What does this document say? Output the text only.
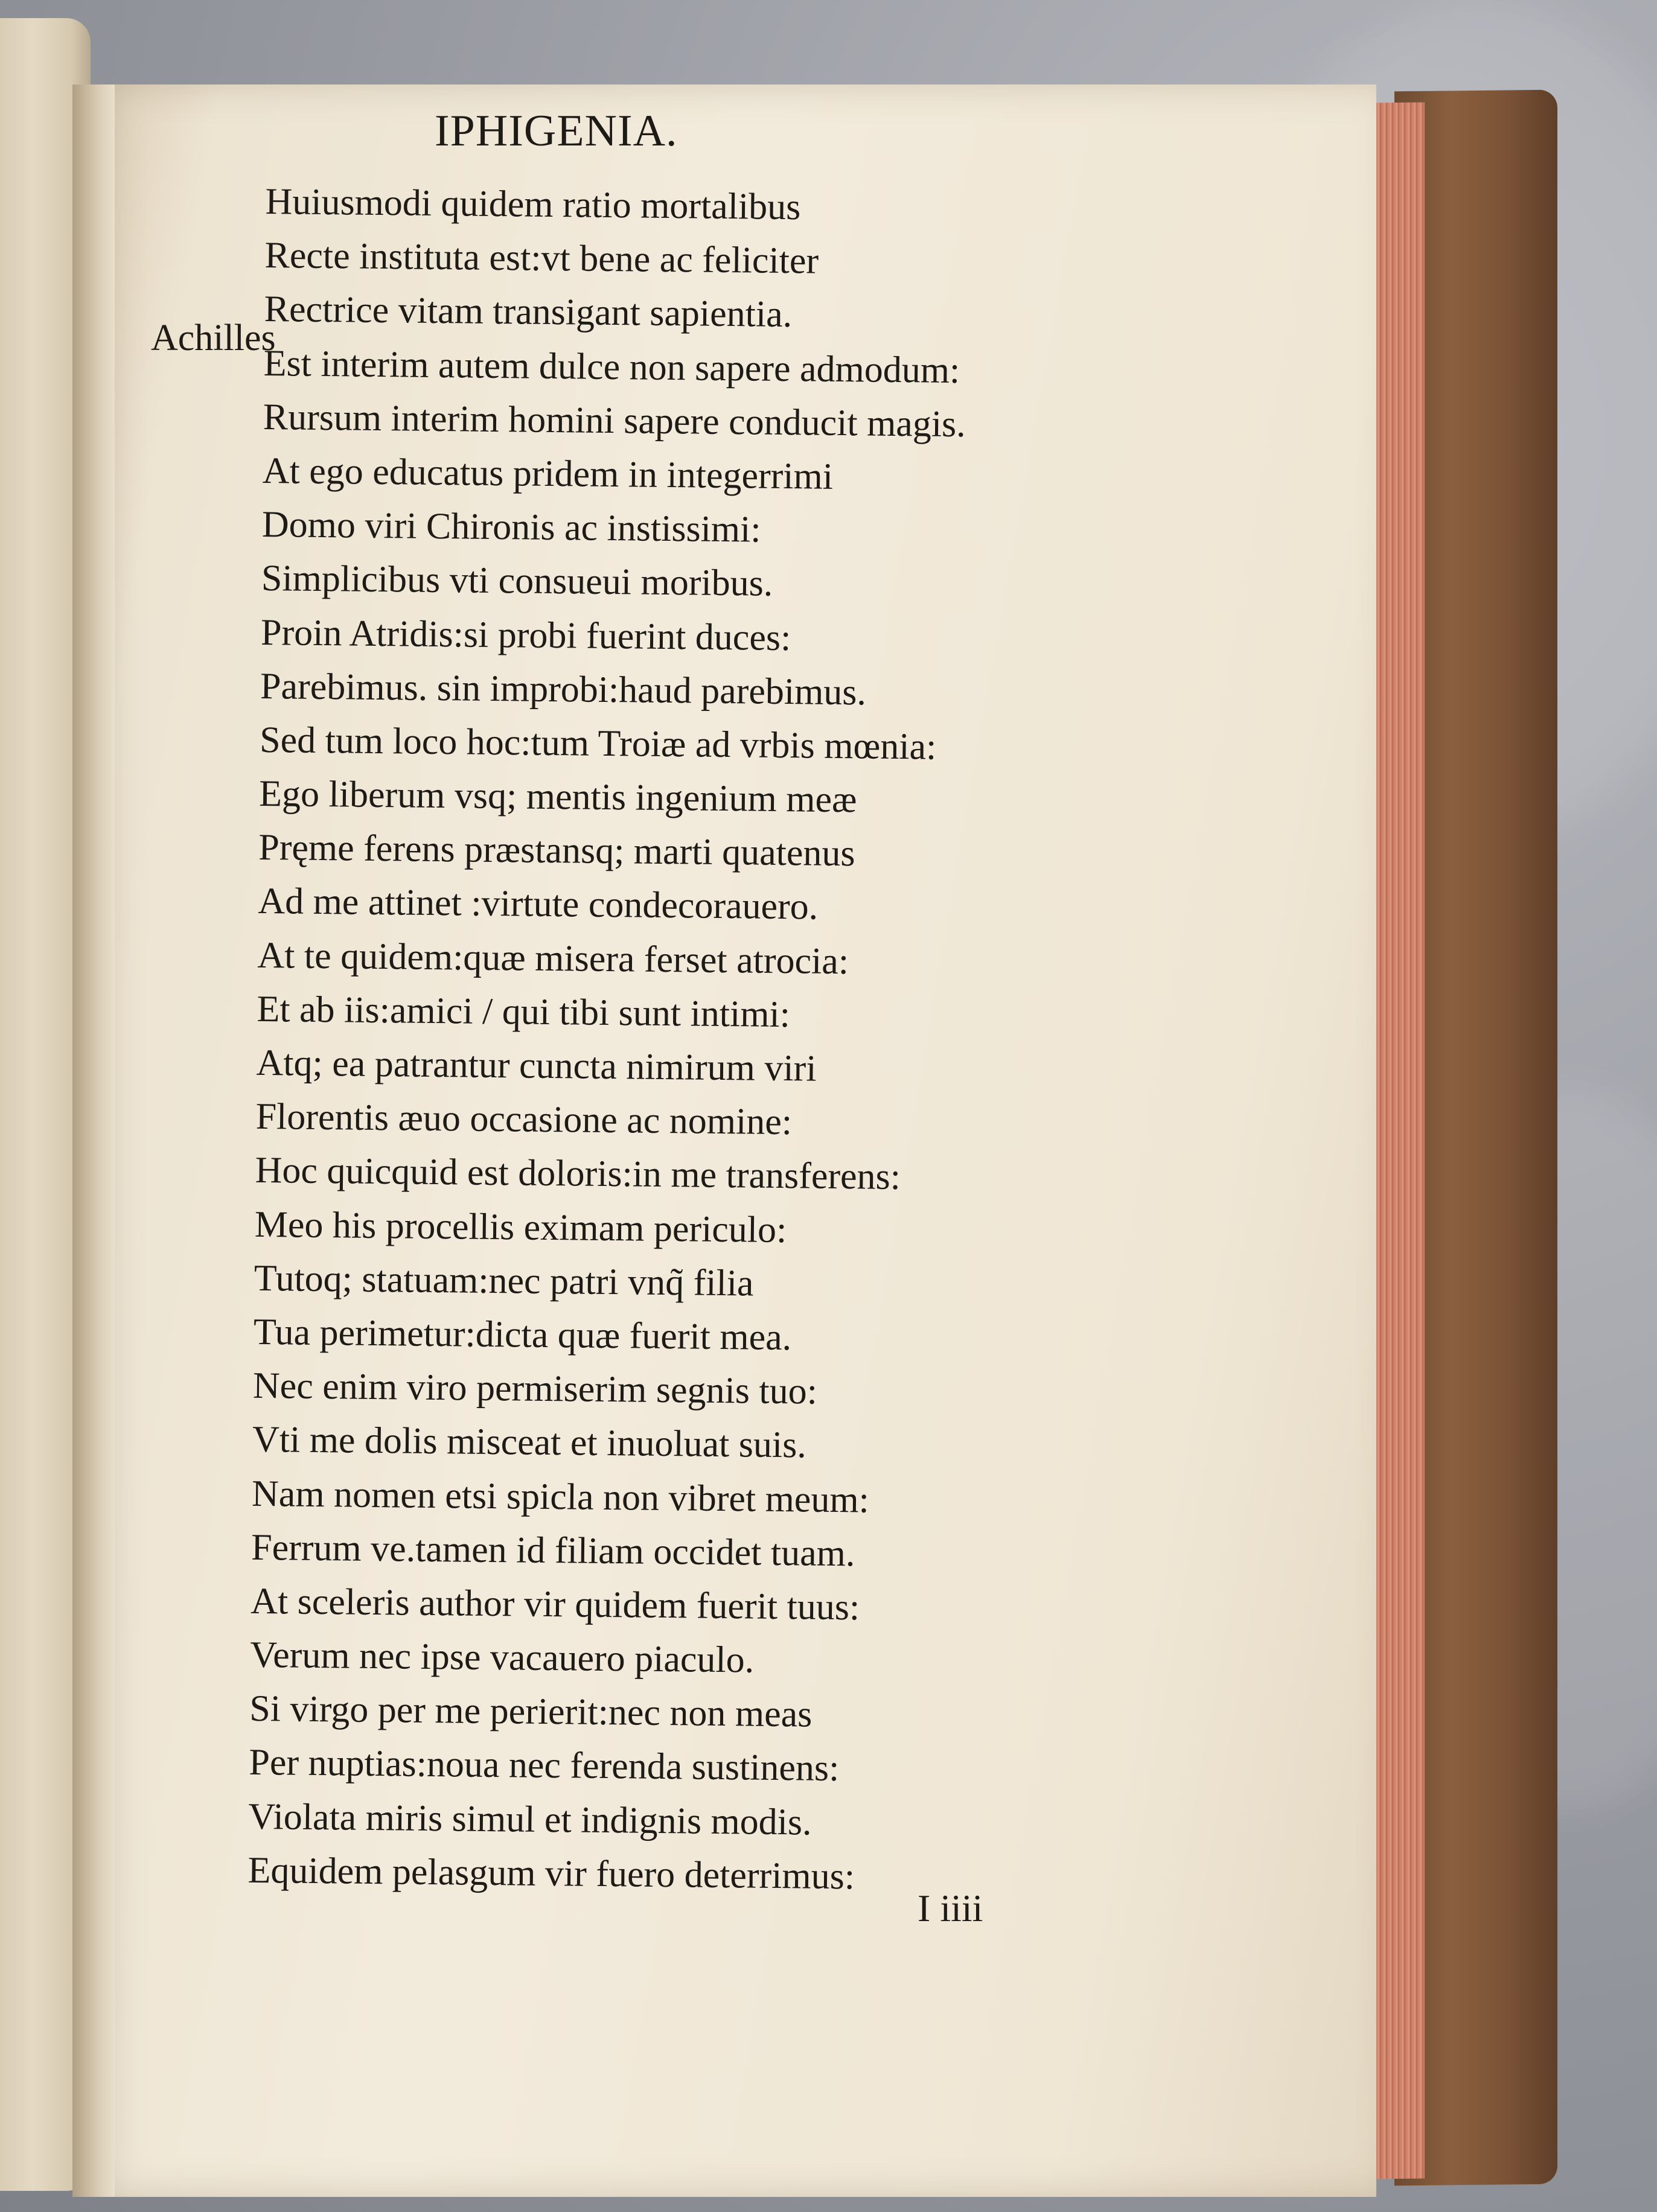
IPHIGENIA.
Achilles
Huiusmodi quidem ratio mortalibus
Recte instituta est:vt bene ac feliciter
Rectrice vitam transigant sapientia.
Est interim autem dulce non sapere admodum:
Rursum interim homini sapere conducit magis.
At ego educatus pridem in integerrimi
Domo viri Chironis ac instissimi:
Simplicibus vti consueui moribus.
Proin Atridis:si probi fuerint duces:
Parebimus. sin improbi:haud parebimus.
Sed tum loco hoc:tum Troiæ ad vrbis mœnia:
Ego liberum vsq; mentis ingenium meæ
Pręme ferens præstansq; marti quatenus
Ad me attinet :virtute condecorauero.
At te quidem:quæ misera ferset atrocia:
Et ab iis:amici / qui tibi sunt intimi:
Atq; ea patrantur cuncta nimirum viri
Florentis æuo occasione ac nomine:
Hoc quicquid est doloris:in me transferens:
Meo his procellis eximam periculo:
Tutoq; statuam:nec patri vnq̃ filia
Tua perimetur:dicta quæ fuerit mea.
Nec enim viro permiserim segnis tuo:
Vti me dolis misceat et inuoluat suis.
Nam nomen etsi spicla non vibret meum:
Ferrum ve.tamen id filiam occidet tuam.
At sceleris author vir quidem fuerit tuus:
Verum nec ipse vacauero piaculo.
Si virgo per me perierit:nec non meas
Per nuptias:noua nec ferenda sustinens:
Violata miris simul et indignis modis.
Equidem pelasgum vir fuero deterrimus:
I iiii
